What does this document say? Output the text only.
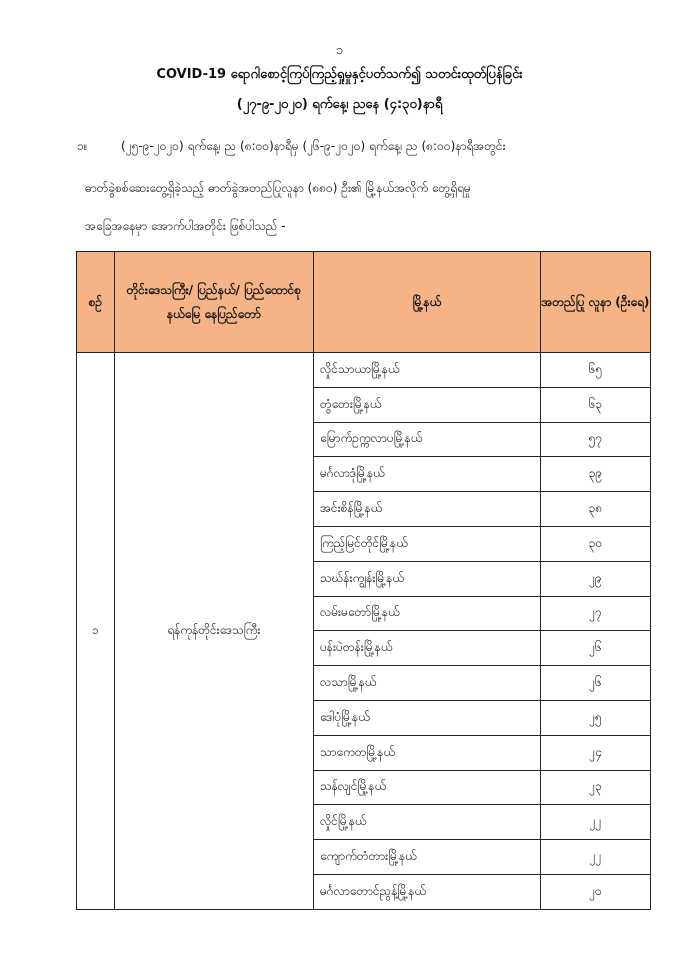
၁
COVID-19 ရောဂါစောင့်ကြပ်ကြည့်ရှုမှုနှင့်ပတ်သက်၍ သတင်းထုတ်ပြန်ခြင်း
(၂၇-၉-၂၀၂၀) ရက်နေ့၊ ညနေ (၄:၃၀)နာရီ
၁။	(၂၅-၉-၂၀၂၀) ရက်နေ့၊ ည (၈:၀၀)နာရီမှ (၂၆-၉-၂၀၂၀) ရက်နေ့၊ ည (၈:၀၀)နာရီအတွင်း
ဓာတ်ခွဲစစ်ဆေးတွေ့ရှိခဲ့သည့် ဓာတ်ခွဲအတည်ပြုလူနာ (၈၈၀) ဦး၏ မြို့နယ်အလိုက် တွေ့ရှိရမှု
အခြေအနေမှာ အောက်ပါအတိုင်း ဖြစ်ပါသည် -
စဉ်	တိုင်းဒေသကြီး/ ပြည်နယ်/ ပြည်ထောင်စုနယ်မြေ နေပြည်တော်	မြို့နယ်	အတည်ပြု လူနာ (ဦးရေ)
၁	ရန်ကုန်တိုင်းဒေသကြီး	လှိုင်သာယာမြို့နယ်	၆၅
		တွံတေးမြို့နယ်	၆၃
		မြောက်ဥက္ကလာပမြို့နယ်	၅၇
		မင်္ဂလာဒုံမြို့နယ်	၃၉
		အင်းစိန်မြို့နယ်	၃၈
		ကြည့်မြင်တိုင်မြို့နယ်	၃၀
		သဃ်န်းကျွန်းမြို့နယ်	၂၉
		လမ်းမတော်မြို့နယ်	၂၇
		ပန်းပဲတန်းမြို့နယ်	၂၆
		လသာမြို့နယ်	၂၆
		ဒေါပုံမြို့နယ်	၂၅
		သာကေတမြို့နယ်	၂၄
		သန်လျင်မြို့နယ်	၂၃
		လှိုင်မြို့နယ်	၂၂
		ကျောက်တံတားမြို့နယ်	၂၂
		မင်္ဂလာတောင်ညွန့်မြို့နယ်	၂၀
